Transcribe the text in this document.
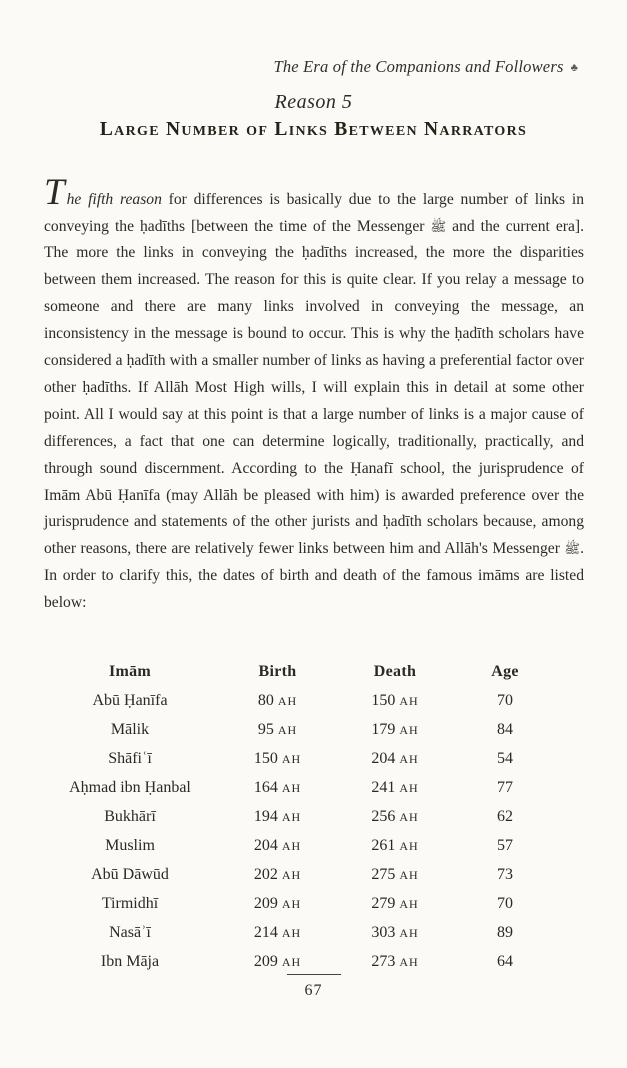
The Era of the Companions and Followers ♣
Reason 5
Large Number of Links Between Narrators

The fifth reason for differences is basically due to the large number of links in conveying the ḥadīths [between the time of the Messenger ﷺ and the current era]. The more the links in conveying the ḥadīths increased, the more the disparities between them increased. The reason for this is quite clear. If you relay a message to someone and there are many links involved in conveying the message, an inconsistency in the message is bound to occur. This is why the ḥadīth scholars have considered a ḥadīth with a smaller number of links as having a preferential factor over other ḥadīths. If Allāh Most High wills, I will explain this in detail at some other point. All I would say at this point is that a large number of links is a major cause of differences, a fact that one can determine logically, traditionally, practically, and through sound discernment. According to the Ḥanafī school, the jurisprudence of Imām Abū Ḥanīfa (may Allāh be pleased with him) is awarded preference over the jurisprudence and statements of the other jurists and ḥadīth scholars because, among other reasons, there are relatively fewer links between him and Allāh's Messenger ﷺ. In order to clarify this, the dates of birth and death of the famous imāms are listed below:

Imām	Birth	Death	Age
Abū Ḥanīfa	80 AH	150 AH	70
Mālik	95 AH	179 AH	84
Shāfiʿī	150 AH	204 AH	54
Aḥmad ibn Ḥanbal	164 AH	241 AH	77
Bukhārī	194 AH	256 AH	62
Muslim	204 AH	261 AH	57
Abū Dāwūd	202 AH	275 AH	73
Tirmidhī	209 AH	279 AH	70
Nasāʾī	214 AH	303 AH	89
Ibn Māja	209 AH	273 AH	64
67
